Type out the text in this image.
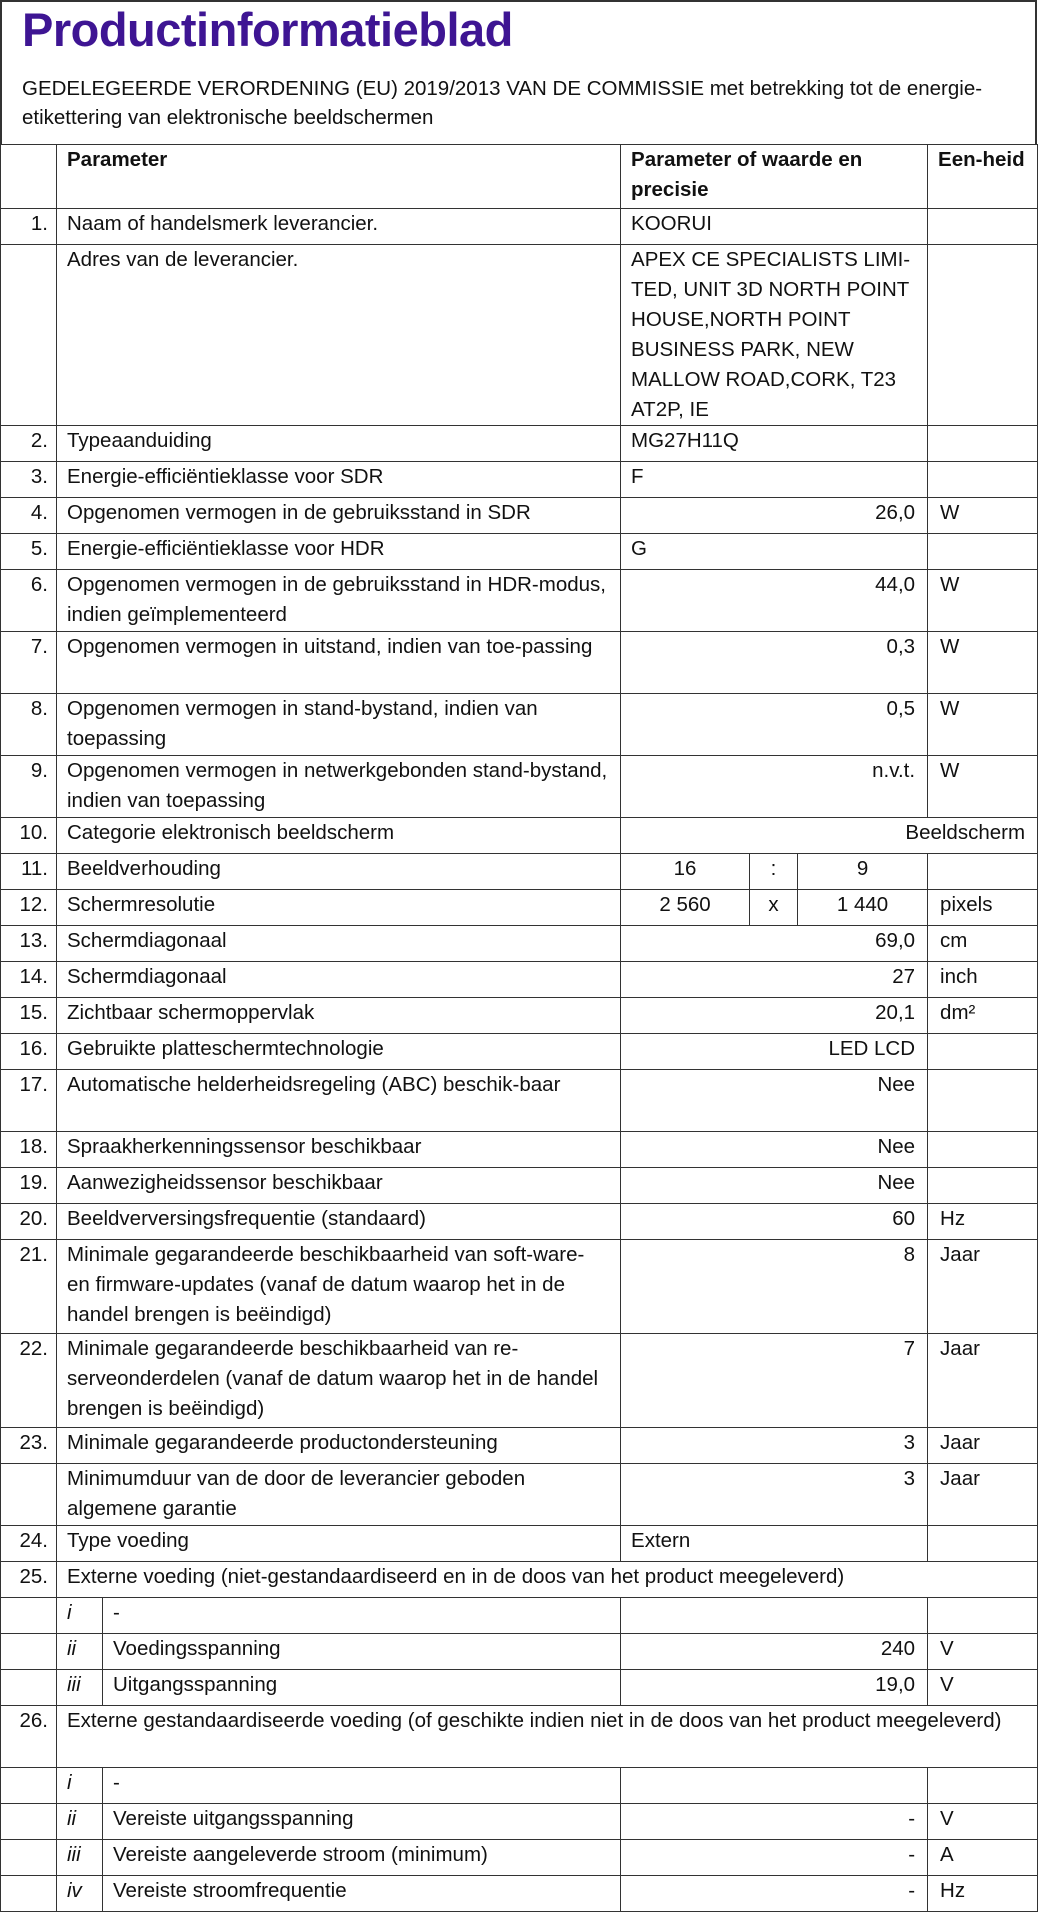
Productinformatieblad
GEDELEGEERDE VERORDENING (EU) 2019/2013 VAN DE COMMISSIE met betrekking tot de energie-etikettering van elektronische beeldschermen
	Parameter		Parameter of waarde en precisie			Een-heid
1.	Naam of handelsmerk leverancier.		KOORUI			
	Adres van de leverancier.		APEX CE SPECIALISTS LIMI-TED, UNIT 3D NORTH POINT HOUSE,NORTH POINT BUSINESS PARK, NEW MALLOW ROAD,CORK, T23 AT2P, IE			
2.	Typeaanduiding		MG27H11Q			
3.	Energie-efficiëntieklasse voor SDR		F			
4.	Opgenomen vermogen in de gebruiksstand in SDR		26,0			W
5.	Energie-efficiëntieklasse voor HDR		G			
6.	Opgenomen vermogen in de gebruiksstand in HDR-modus, indien geïmplementeerd		44,0			W
7.	Opgenomen vermogen in uitstand, indien van toe-passing		0,3			W
8.	Opgenomen vermogen in stand-bystand, indien van toepassing		0,5			W
9.	Opgenomen vermogen in netwerkgebonden stand-bystand, indien van toepassing		n.v.t.			W
10.	Categorie elektronisch beeldscherm		Beeldscherm			
11.	Beeldverhouding		16	:	9	
12.	Schermresolutie		2 560	x	1 440	pixels
13.	Schermdiagonaal		69,0			cm
14.	Schermdiagonaal		27			inch
15.	Zichtbaar schermoppervlak		20,1			dm²
16.	Gebruikte platteschermtechnologie		LED LCD			
17.	Automatische helderheidsregeling (ABC) beschik-baar		Nee			
18.	Spraakherkenningssensor beschikbaar		Nee			
19.	Aanwezigheidssensor beschikbaar		Nee			
20.	Beeldverversingsfrequentie (standaard)		60			Hz
21.	Minimale gegarandeerde beschikbaarheid van soft-ware- en firmware-updates (vanaf de datum waarop het in de handel brengen is beëindigd)		8			Jaar
22.	Minimale gegarandeerde beschikbaarheid van re-serveonderdelen (vanaf de datum waarop het in de handel brengen is beëindigd)		7			Jaar
23.	Minimale gegarandeerde productondersteuning		3			Jaar
	Minimumduur van de door de leverancier geboden algemene garantie		3			Jaar
24.	Type voeding		Extern			
25.	Externe voeding (niet-gestandaardiseerd en in de doos van het product meegeleverd)					
	i	-				
	ii	Voedingsspanning	240			V
	iii	Uitgangsspanning	19,0			V
26.	Externe gestandaardiseerde voeding (of geschikte indien niet in de doos van het product meegeleverd)					
	i	-				
	ii	Vereiste uitgangsspanning	-			V
	iii	Vereiste aangeleverde stroom (minimum)	-			A
	iv	Vereiste stroomfrequentie	-			Hz
